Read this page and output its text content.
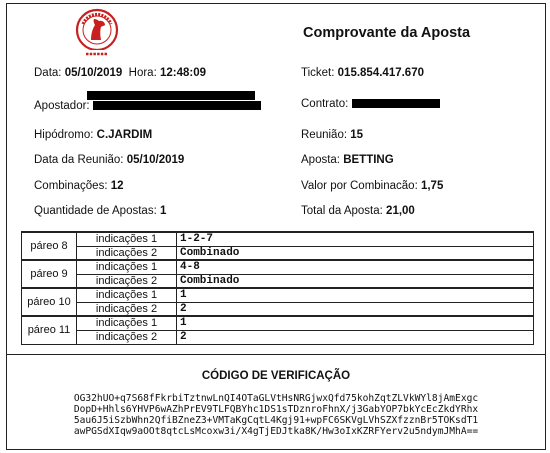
Comprovante da Aposta
Data: 05/10/2019 Hora: 12:48:09	Ticket: 015.854.417.670
Apostador:	Contrato:
Hipódromo: C.JARDIM	Reunião: 15
Data da Reunião: 05/10/2019	Aposta: BETTING
Combinações: 12	Valor por Combinacão: 1,75
Quantidade de Apostas: 1	Total da Aposta: 21,00
páreo 8	indicações 1	1-2-7
	indicações 2	Combinado
páreo 9	indicações 1	4-8
	indicações 2	Combinado
páreo 10	indicações 1	1
	indicações 2	2
páreo 11	indicações 1	1
	indicações 2	2
CÓDIGO DE VERIFICAÇÃO
OG32hUO+q7S68fFkrbiTztnwLnQI4OTaGLVtHsNRGjwxQfd75kohZqtZLVkWYl8jAmExgc
DopD+Hhls6YHVP6wAZhPrEV9TLFQBYhc1DS1sTDznroFhnX/j3GabYOP7bkYcEcZkdYRhx
5au6J5iSzbWhn2QfiBZneZ3+VMTaKgCqtL4Kgj91+wpFC6SKVgLVhSZXfzznBr5TOKsdT1
awPGSdXIqw9aOOt8qtcLsMcoxw3i/X4gTjEDJtka8K/Hw3oIxKZRFYerv2u5ndymJMhA==
